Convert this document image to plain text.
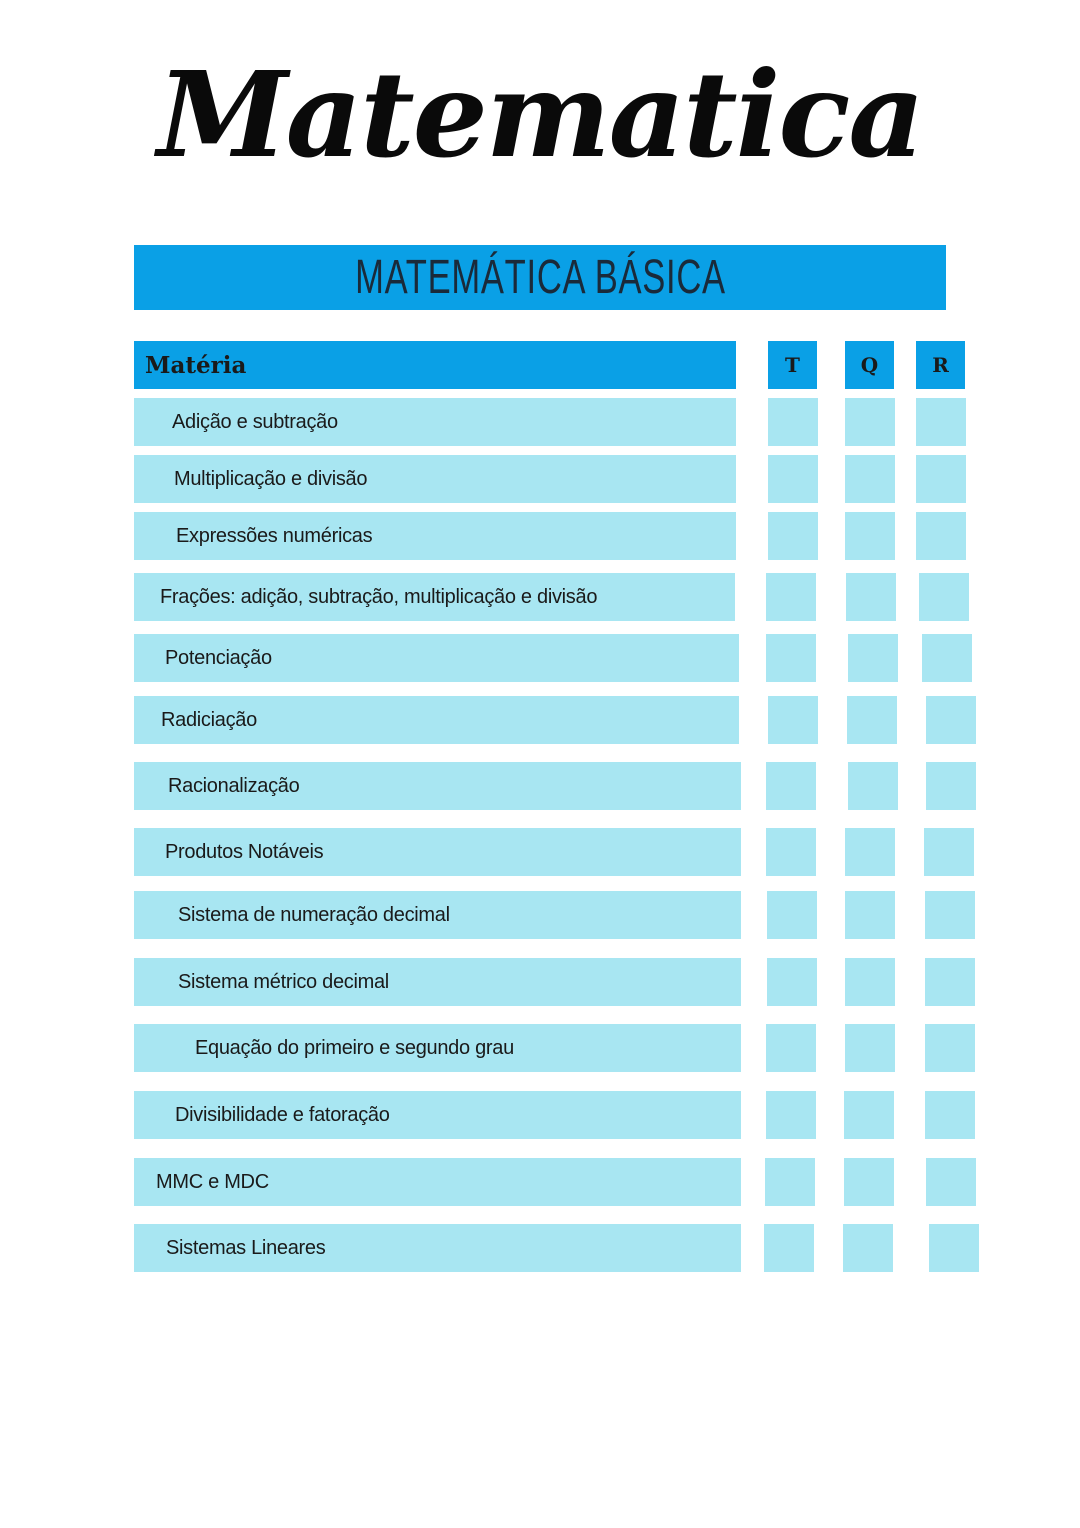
Matematica
MATEMÁTICA BÁSICA
Matéria	T	Q	R
Adição e subtração
Multiplicação e divisão
Expressões numéricas
Frações: adição, subtração, multiplicação e divisão
Potenciação
Radiciação
Racionalização
Produtos Notáveis
Sistema de numeração decimal
Sistema métrico decimal
Equação do primeiro e segundo grau
Divisibilidade e fatoração
MMC e MDC
Sistemas Lineares
